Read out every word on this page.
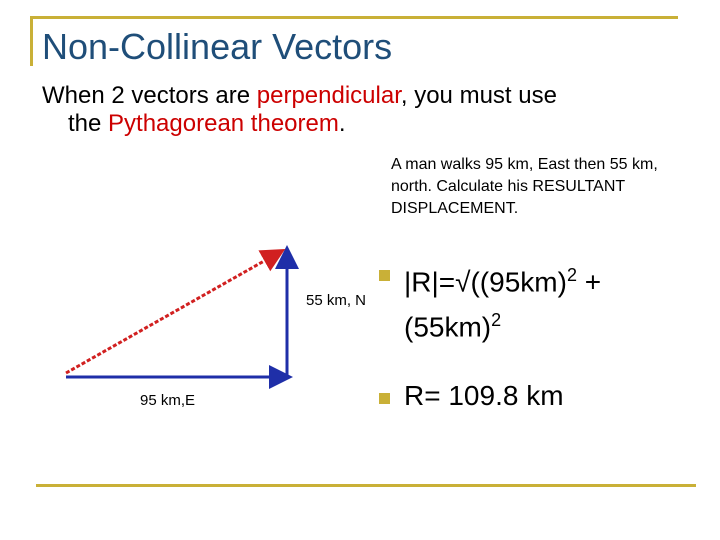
Non-Collinear Vectors
When 2 vectors are perpendicular, you must use
the Pythagorean theorem.
A man walks 95 km, East then 55 km, north. Calculate his RESULTANT DISPLACEMENT.
55 km, N
95 km,E
$|R|=√((95km)^2 + (55km)^2$
R= 109.8 km
